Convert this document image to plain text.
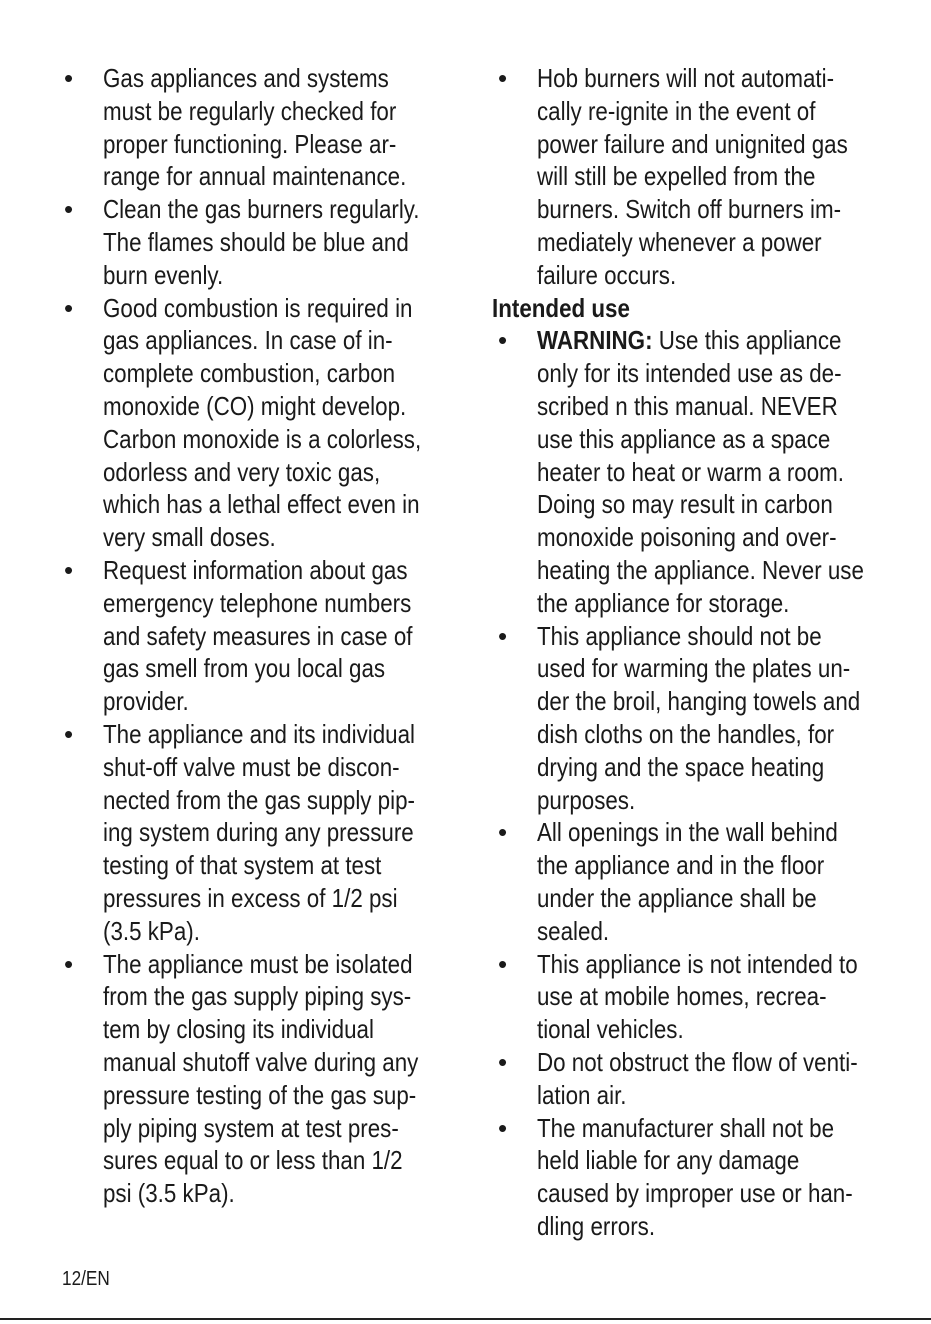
• Gas appliances and systems
must be regularly checked for
proper functioning. Please ar-
range for annual maintenance.
• Clean the gas burners regularly.
The flames should be blue and
burn evenly.
• Good combustion is required in
gas appliances. In case of in-
complete combustion, carbon
monoxide (CO) might develop.
Carbon monoxide is a colorless,
odorless and very toxic gas,
which has a lethal effect even in
very small doses.
• Request information about gas
emergency telephone numbers
and safety measures in case of
gas smell from you local gas
provider.
• The appliance and its individual
shut-off valve must be discon-
nected from the gas supply pip-
ing system during any pressure
testing of that system at test
pressures in excess of 1/2 psi
(3.5 kPa).
• The appliance must be isolated
from the gas supply piping sys-
tem by closing its individual
manual shutoff valve during any
pressure testing of the gas sup-
ply piping system at test pres-
sures equal to or less than 1/2
psi (3.5 kPa).
• Hob burners will not automati-
cally re-ignite in the event of
power failure and unignited gas
will still be expelled from the
burners. Switch off burners im-
mediately whenever a power
failure occurs.
Intended use
• WARNING: Use this appliance
only for its intended use as de-
scribed n this manual. NEVER
use this appliance as a space
heater to heat or warm a room.
Doing so may result in carbon
monoxide poisoning and over-
heating the appliance. Never use
the appliance for storage.
• This appliance should not be
used for warming the plates un-
der the broil, hanging towels and
dish cloths on the handles, for
drying and the space heating
purposes.
• All openings in the wall behind
the appliance and in the floor
under the appliance shall be
sealed.
• This appliance is not intended to
use at mobile homes, recrea-
tional vehicles.
• Do not obstruct the flow of venti-
lation air.
• The manufacturer shall not be
held liable for any damage
caused by improper use or han-
dling errors.
12/EN
